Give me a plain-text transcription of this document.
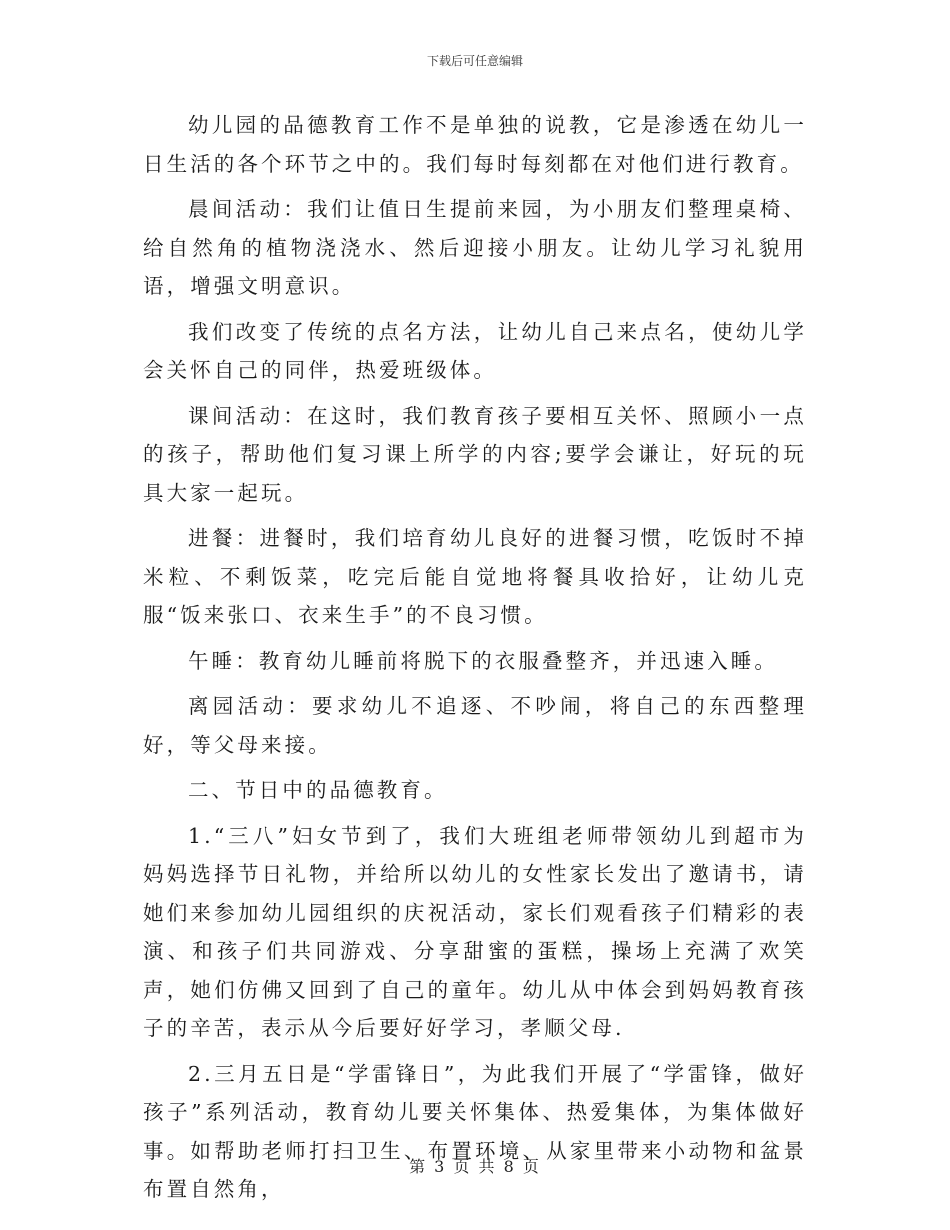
下载后可任意编辑

幼儿园的品德教育工作不是单独的说教，它是渗透在幼儿一日生活的各个环节之中的。我们每时每刻都在对他们进行教育。

晨间活动：我们让值日生提前来园，为小朋友们整理桌椅、给自然角的植物浇浇水、然后迎接小朋友。让幼儿学习礼貌用语，增强文明意识。

我们改变了传统的点名方法，让幼儿自己来点名，使幼儿学会关怀自己的同伴，热爱班级体。

课间活动：在这时，我们教育孩子要相互关怀、照顾小一点的孩子，帮助他们复习课上所学的内容;要学会谦让，好玩的玩具大家一起玩。

进餐：进餐时，我们培育幼儿良好的进餐习惯，吃饭时不掉米粒、不剩饭菜，吃完后能自觉地将餐具收拾好，让幼儿克服“饭来张口、衣来生手”的不良习惯。

午睡：教育幼儿睡前将脱下的衣服叠整齐，并迅速入睡。

离园活动：要求幼儿不追逐、不吵闹，将自己的东西整理好，等父母来接。

二、节日中的品德教育。

1.“三八”妇女节到了，我们大班组老师带领幼儿到超市为妈妈选择节日礼物，并给所以幼儿的女性家长发出了邀请书，请她们来参加幼儿园组织的庆祝活动，家长们观看孩子们精彩的表演、和孩子们共同游戏、分享甜蜜的蛋糕，操场上充满了欢笑声，她们仿佛又回到了自己的童年。幼儿从中体会到妈妈教育孩子的辛苦，表示从今后要好好学习，孝顺父母.

2.三月五日是“学雷锋日”，为此我们开展了“学雷锋，做好孩子”系列活动，教育幼儿要关怀集体、热爱集体，为集体做好事。如帮助老师打扫卫生、布置环境、从家里带来小动物和盆景布置自然角，

第 3 页 共 8 页
